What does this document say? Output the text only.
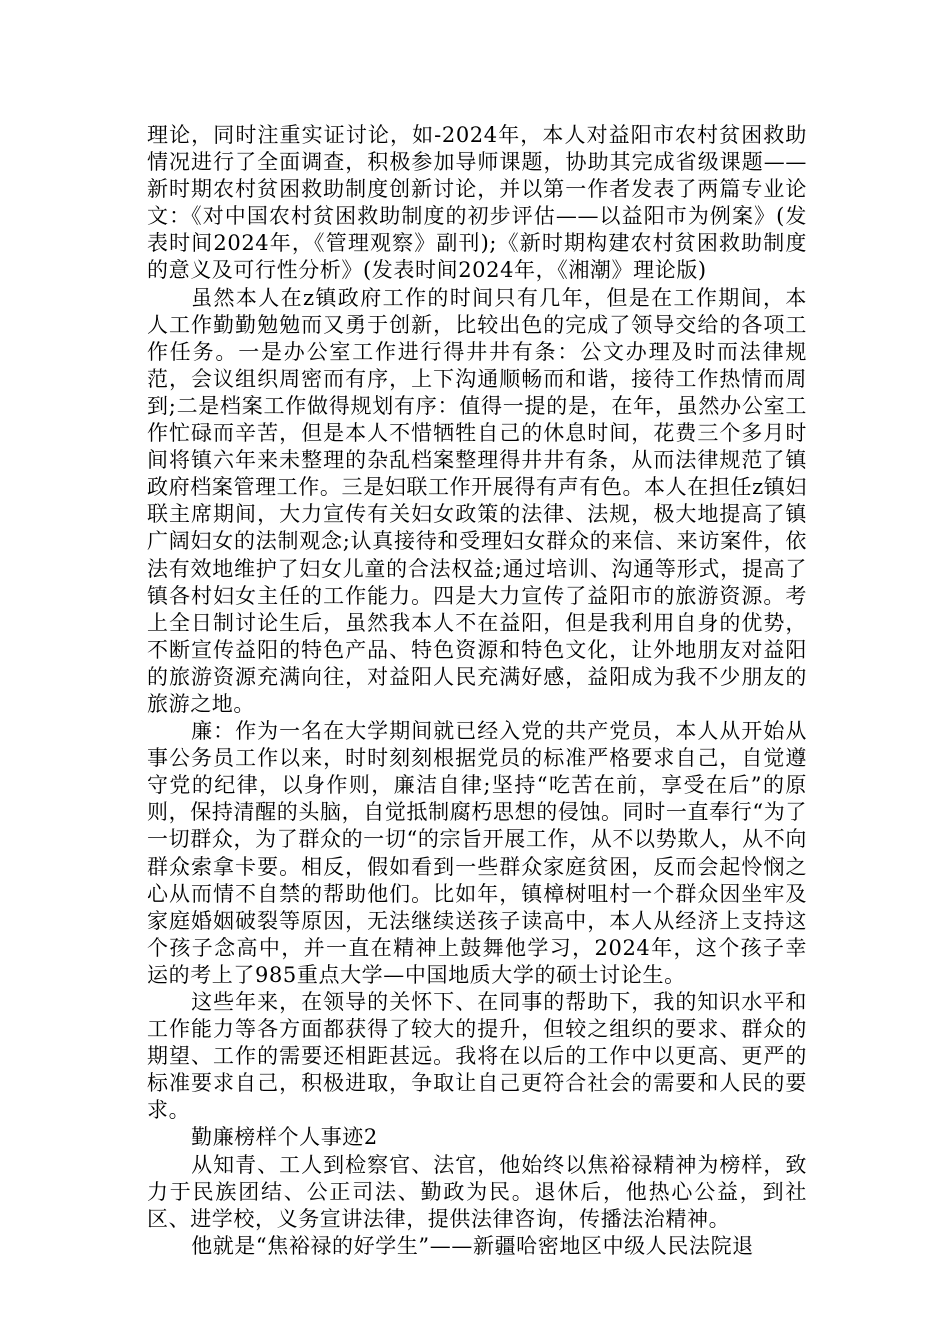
理论，同时注重实证讨论，如-2024年，本人对益阳市农村贫困救助情况进行了全面调查，积极参加导师课题，协助其完成省级课题——新时期农村贫困救助制度创新讨论，并以第一作者发表了两篇专业论文：《对中国农村贫困救助制度的初步评估——以益阳市为例案》(发表时间2024年，《管理观察》副刊);《新时期构建农村贫困救助制度的意义及可行性分析》(发表时间2024年，《湘潮》理论版)

虽然本人在z镇政府工作的时间只有几年，但是在工作期间，本人工作勤勤勉勉而又勇于创新，比较出色的完成了领导交给的各项工作任务。一是办公室工作进行得井井有条：公文办理及时而法律规范，会议组织周密而有序，上下沟通顺畅而和谐，接待工作热情而周到;二是档案工作做得规划有序：值得一提的是，在年，虽然办公室工作忙碌而辛苦，但是本人不惜牺牲自己的休息时间，花费三个多月时间将镇六年来未整理的杂乱档案整理得井井有条，从而法律规范了镇政府档案管理工作。三是妇联工作开展得有声有色。本人在担任z镇妇联主席期间，大力宣传有关妇女政策的法律、法规，极大地提高了镇广阔妇女的法制观念;认真接待和受理妇女群众的来信、来访案件，依法有效地维护了妇女儿童的合法权益;通过培训、沟通等形式，提高了镇各村妇女主任的工作能力。四是大力宣传了益阳市的旅游资源。考上全日制讨论生后，虽然我本人不在益阳，但是我利用自身的优势，不断宣传益阳的特色产品、特色资源和特色文化，让外地朋友对益阳的旅游资源充满向往，对益阳人民充满好感，益阳成为我不少朋友的旅游之地。

廉：作为一名在大学期间就已经入党的共产党员，本人从开始从事公务员工作以来，时时刻刻根据党员的标准严格要求自己，自觉遵守党的纪律，以身作则，廉洁自律;坚持“吃苦在前，享受在后”的原则，保持清醒的头脑，自觉抵制腐朽思想的侵蚀。同时一直奉行“为了一切群众，为了群众的一切“的宗旨开展工作，从不以势欺人，从不向群众索拿卡要。相反，假如看到一些群众家庭贫困，反而会起怜悯之心从而情不自禁的帮助他们。比如年，镇樟树咀村一个群众因坐牢及家庭婚姻破裂等原因，无法继续送孩子读高中，本人从经济上支持这个孩子念高中，并一直在精神上鼓舞他学习，2024年，这个孩子幸运的考上了985重点大学—中国地质大学的硕士讨论生。

这些年来，在领导的关怀下、在同事的帮助下，我的知识水平和工作能力等各方面都获得了较大的提升，但较之组织的要求、群众的期望、工作的需要还相距甚远。我将在以后的工作中以更高、更严的标准要求自己，积极进取，争取让自己更符合社会的需要和人民的要求。

勤廉榜样个人事迹2

从知青、工人到检察官、法官，他始终以焦裕禄精神为榜样，致力于民族团结、公正司法、勤政为民。退休后，他热心公益，到社区、进学校，义务宣讲法律，提供法律咨询，传播法治精神。

他就是“焦裕禄的好学生”——新疆哈密地区中级人民法院退
